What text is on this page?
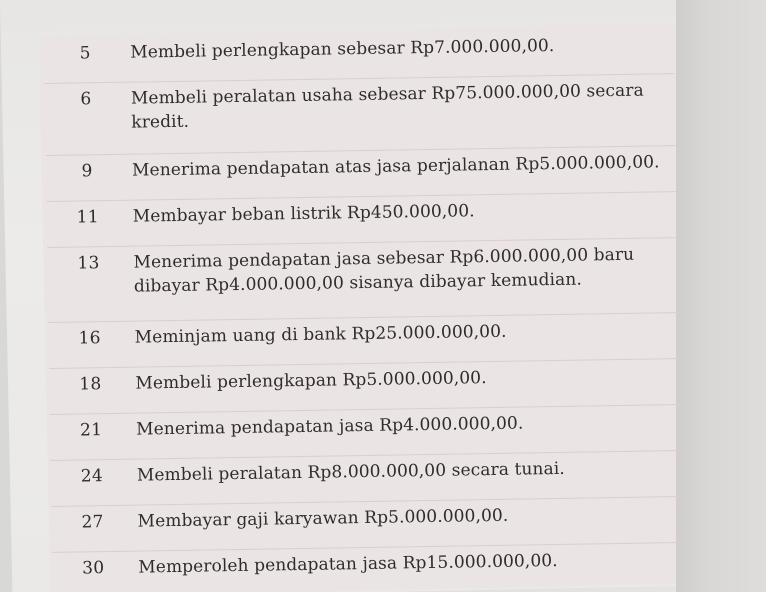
5	Membeli perlengkapan sebesar Rp7.000.000,00.
6	Membeli peralatan usaha sebesar Rp75.000.000,00 secara kredit.
9	Menerima pendapatan atas jasa perjalanan Rp5.000.000,00.
11	Membayar beban listrik Rp450.000,00.
13	Menerima pendapatan jasa sebesar Rp6.000.000,00 baru dibayar Rp4.000.000,00 sisanya dibayar kemudian.
16	Meminjam uang di bank Rp25.000.000,00.
18	Membeli perlengkapan Rp5.000.000,00.
21	Menerima pendapatan jasa Rp4.000.000,00.
24	Membeli peralatan Rp8.000.000,00 secara tunai.
27	Membayar gaji karyawan Rp5.000.000,00.
30	Memperoleh pendapatan jasa Rp15.000.000,00.
